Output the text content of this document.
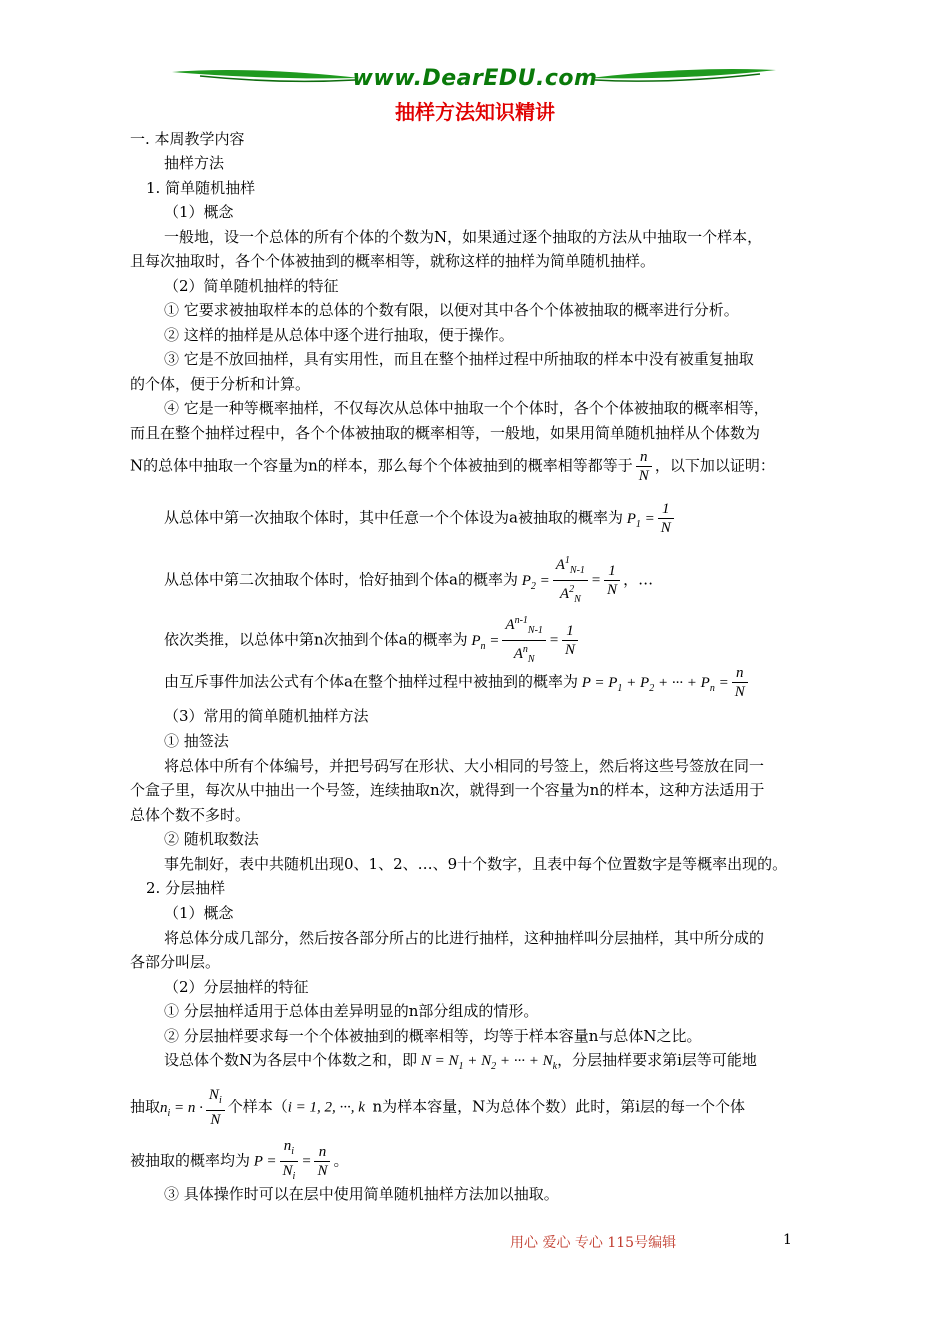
www.DearEDU.com
抽样方法知识精讲
一. 本周教学内容
抽样方法
1. 简单随机抽样
（1）概念
一般地，设一个总体的所有个体的个数为N，如果通过逐个抽取的方法从中抽取一个样本，
且每次抽取时，各个个体被抽到的概率相等，就称这样的抽样为简单随机抽样。
（2）简单随机抽样的特征
① 它要求被抽取样本的总体的个数有限，以便对其中各个个体被抽取的概率进行分析。
② 这样的抽样是从总体中逐个进行抽取，便于操作。
③ 它是不放回抽样，具有实用性，而且在整个抽样过程中所抽取的样本中没有被重复抽取
的个体，便于分析和计算。
④ 它是一种等概率抽样，不仅每次从总体中抽取一个个体时，各个个体被抽取的概率相等，
而且在整个抽样过程中，各个个体被抽取的概率相等，一般地，如果用简单随机抽样从个体数为
N的总体中抽取一个容量为n的样本，那么每个个体被抽到的概率相等都等于 $\frac{n}{N}$ ，以下加以证明：
从总体中第一次抽取个体时，其中任意一个个体设为a被抽取的概率为 $P_1 = \frac{1}{N}$
从总体中第二次抽取个体时，恰好抽到个体a的概率为 $P_2 = \frac{A^1_{N-1}}{A^2_N} = \frac{1}{N}$ ，…
依次类推，以总体中第n次抽到个体a的概率为 $P_n = \frac{A^{n-1}_{N-1}}{A^n_N} = \frac{1}{N}$
由互斥事件加法公式有个体a在整个抽样过程中被抽到的概率为 $P = P_1 + P_2$ + ··· + $P_n = \frac{n}{N}$
（3）常用的简单随机抽样方法
① 抽签法
将总体中所有个体编号，并把号码写在形状、大小相同的号签上，然后将这些号签放在同一
个盒子里，每次从中抽出一个号签，连续抽取n次，就得到一个容量为n的样本，这种方法适用于
总体个数不多时。
② 随机取数法
事先制好，表中共随机出现0、1、2、…、9十个数字，且表中每个位置数字是等概率出现的。
2. 分层抽样
（1）概念
将总体分成几部分，然后按各部分所占的比进行抽样，这种抽样叫分层抽样，其中所分成的
各部分叫层。
（2）分层抽样的特征
① 分层抽样适用于总体由差异明显的n部分组成的情形。
② 分层抽样要求每一个个体被抽到的概率相等，均等于样本容量n与总体N之比。
设总体个数N为各层中个体数之和，即 $N = N_1 + N_2$ + ··· + $N_k$，分层抽样要求第i层等可能地
抽取$n_i = n \cdot \frac{N_i}{N}$ 个样本（i = 1, 2, ···, k  n为样本容量，N为总体个数）此时，第i层的每一个个体
被抽取的概率均为 $P = \frac{n_i}{N_i} = \frac{n}{N}$ 。
③ 具体操作时可以在层中使用简单随机抽样方法加以抽取。
用心 爱心 专心 115号编辑	1
